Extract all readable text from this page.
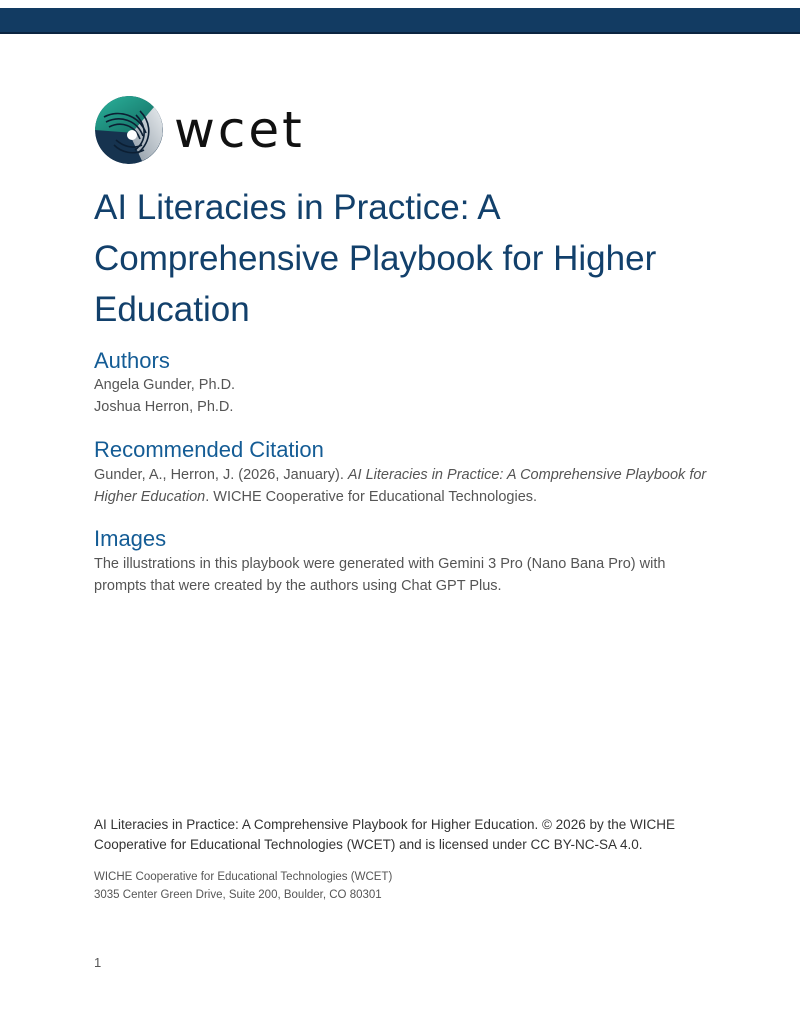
wcet
AI Literacies in Practice: A Comprehensive Playbook for Higher Education
Authors

Angela Gunder, Ph.D.

Joshua Herron, Ph.D.

Recommended Citation

Gunder, A., Herron, J. (2026, January). AI Literacies in Practice: A Comprehensive Playbook for Higher Education. WICHE Cooperative for Educational Technologies.

Images

The illustrations in this playbook were generated with Gemini 3 Pro (Nano Bana Pro) with prompts that were created by the authors using Chat GPT Plus.

AI Literacies in Practice: A Comprehensive Playbook for Higher Education. © 2026 by the WICHE Cooperative for Educational Technologies (WCET) and is licensed under CC BY-NC-SA 4.0.

WICHE Cooperative for Educational Technologies (WCET)

3035 Center Green Drive, Suite 200, Boulder, CO 80301

1
